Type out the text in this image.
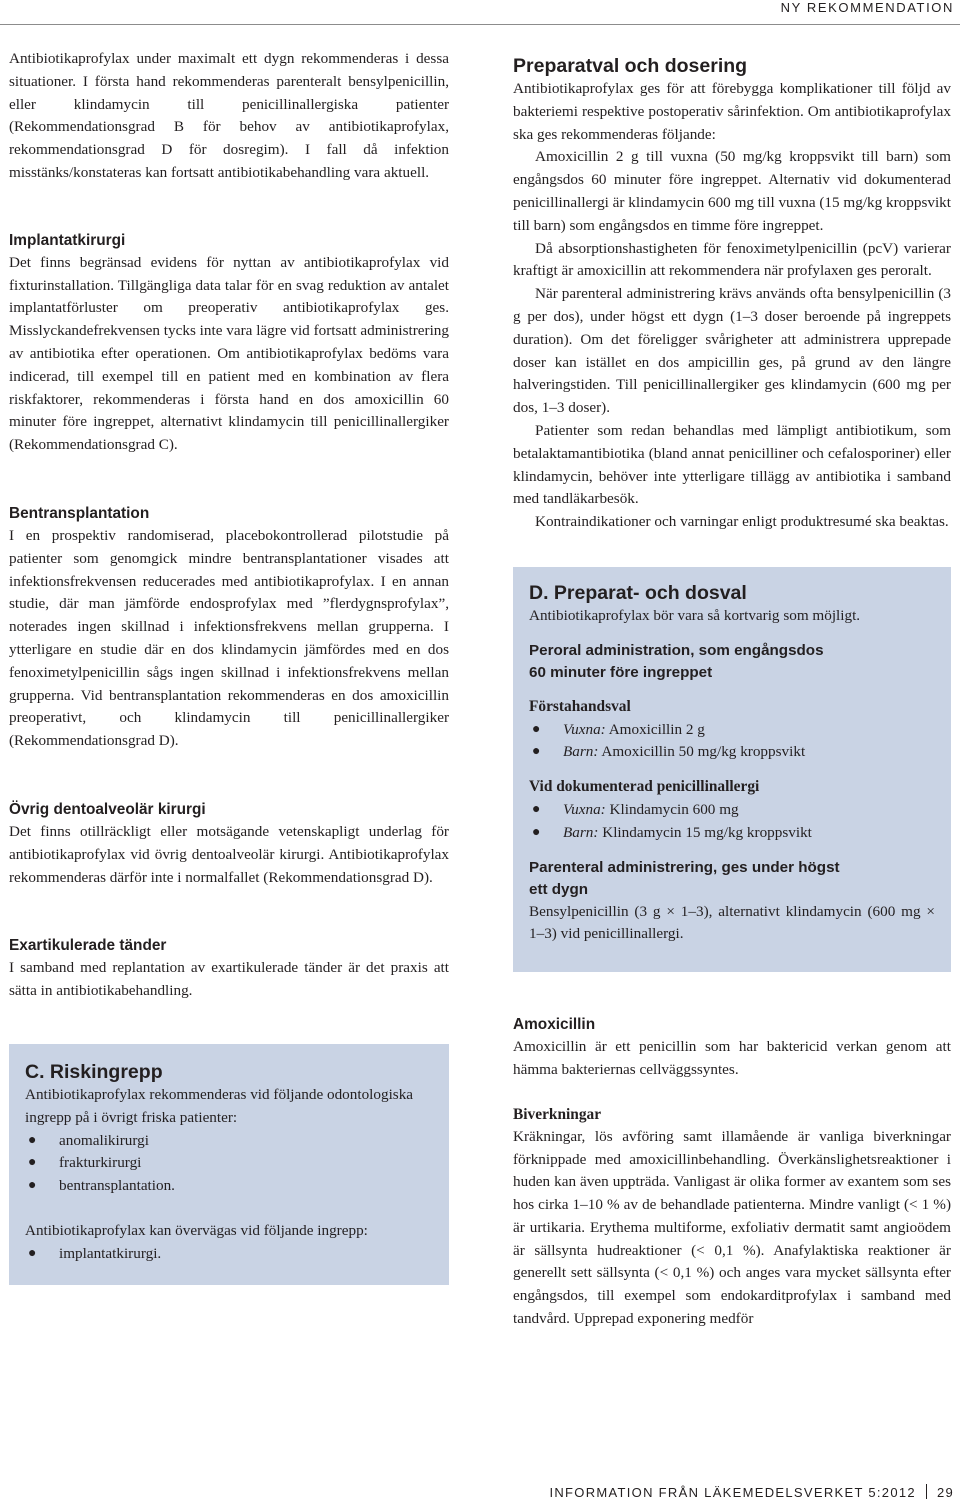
NY REKOMMENDATION

Antibiotikaprofylax under maximalt ett dygn rekommenderas i dessa situationer. I första hand rekommenderas parenteralt bensylpenicillin, eller klindamycin till penicillinallergiska patienter (Rekommendationsgrad B för behov av antibiotikaprofylax, rekommendationsgrad D för dosregim). I fall då infektion misstänks/konstateras kan fortsatt antibiotikabehandling vara aktuell.

Implantatkirurgi

Det finns begränsad evidens för nyttan av antibiotikaprofylax vid fixturinstallation. Tillgängliga data talar för en svag reduktion av antalet implantatförluster om preoperativ antibiotikaprofylax ges. Misslyckandefrekvensen tycks inte vara lägre vid fortsatt administrering av antibiotika efter operationen. Om antibiotikaprofylax bedöms vara indicerad, till exempel till en patient med en kombination av flera riskfaktorer, rekommenderas i första hand en dos amoxicillin 60 minuter före ingreppet, alternativt klindamycin till penicillinallergiker (Rekommendationsgrad C).

Bentransplantation

I en prospektiv randomiserad, placebokontrollerad pilotstudie på patienter som genomgick mindre bentransplantationer visades att infektionsfrekvensen reducerades med antibiotikaprofylax. I en annan studie, där man jämförde endosprofylax med ”flerdygnsprofylax”, noterades ingen skillnad i infektionsfrekvens mellan grupperna. I ytterligare en studie där en dos klindamycin jämfördes med en dos fenoximetylpenicillin sågs ingen skillnad i infektionsfrekvens mellan grupperna. Vid bentransplantation rekommenderas en dos amoxicillin preoperativt, och klindamycin till penicillinallergiker (Rekommendationsgrad D).

Övrig dentoalveolär kirurgi

Det finns otillräckligt eller motsägande vetenskapligt underlag för antibiotikaprofylax vid övrig dentoalveolär kirurgi. Antibiotikaprofylax rekommenderas därför inte i normalfallet (Rekommendationsgrad D).

Exartikulerade tänder

I samband med replantation av exartikulerade tänder är det praxis att sätta in antibiotikabehandling.

C. Riskingrepp

Antibiotikaprofylax rekommenderas vid följande odontologiska ingrepp på i övrigt friska patienter:

● anomalikirurgi
● frakturkirurgi
● bentransplantation.

Antibiotikaprofylax kan övervägas vid följande ingrepp:

● implantatkirurgi.

Preparatval och dosering

Antibiotikaprofylax ges för att förebygga komplikationer till följd av bakteriemi respektive postoperativ sårinfektion. Om antibiotikaprofylax ska ges rekommenderas följande:

Amoxicillin 2 g till vuxna (50 mg/kg kroppsvikt till barn) som engångsdos 60 minuter före ingreppet. Alternativ vid dokumenterad penicillinallergi är klindamycin 600 mg till vuxna (15 mg/kg kroppsvikt till barn) som engångsdos en timme före ingreppet.

Då absorptionshastigheten för fenoximetylpenicillin (pcV) varierar kraftigt är amoxicillin att rekommendera när profylaxen ges peroralt.

När parenteral administrering krävs används ofta bensylpenicillin (3 g per dos), under högst ett dygn (1–3 doser beroende på ingreppets duration). Om det föreligger svårigheter att administrera upprepade doser kan istället en dos ampicillin ges, på grund av den längre halveringstiden. Till penicillinallergiker ges klindamycin (600 mg per dos, 1–3 doser).

Patienter som redan behandlas med lämpligt antibiotikum, som betalaktamantibiotika (bland annat penicilliner och cefalosporiner) eller klindamycin, behöver inte ytterligare tillägg av antibiotika i samband med tandläkarbesök.

Kontraindikationer och varningar enligt produktresumé ska beaktas.

D. Preparat- och dosval

Antibiotikaprofylax bör vara så kortvarig som möjligt.

Peroral administration, som engångsdos
60 minuter före ingreppet

Förstahandsval

● Vuxna: Amoxicillin 2 g
● Barn: Amoxicillin 50 mg/kg kroppsvikt

Vid dokumenterad penicillinallergi

● Vuxna: Klindamycin 600 mg
● Barn: Klindamycin 15 mg/kg kroppsvikt

Parenteral administrering, ges under högst
ett dygn

Bensylpenicillin (3 g × 1–3), alternativt klindamycin (600 mg × 1–3) vid penicillinallergi.

Amoxicillin

Amoxicillin är ett penicillin som har baktericid verkan genom att hämma bakteriernas cellväggssyntes.

Biverkningar

Kräkningar, lös avföring samt illamående är vanliga biverkningar förknippade med amoxicillinbehandling. Överkänslighetsreaktioner i huden kan även uppträda. Vanligast är olika former av exantem som ses hos cirka 1–10 % av de behandlade patienterna. Mindre vanligt (< 1 %) är urtikaria. Erythema multiforme, exfoliativ dermatit samt angioödem är sällsynta hudreaktioner (< 0,1 %). Anafylaktiska reaktioner är generellt sett sällsynta (< 0,1 %) och anges vara mycket sällsynta efter engångsdos, till exempel som endokarditprofylax i samband med tandvård. Upprepad exponering medför

INFORMATION FRÅN LÄKEMEDELSVERKET 5:2012 29
